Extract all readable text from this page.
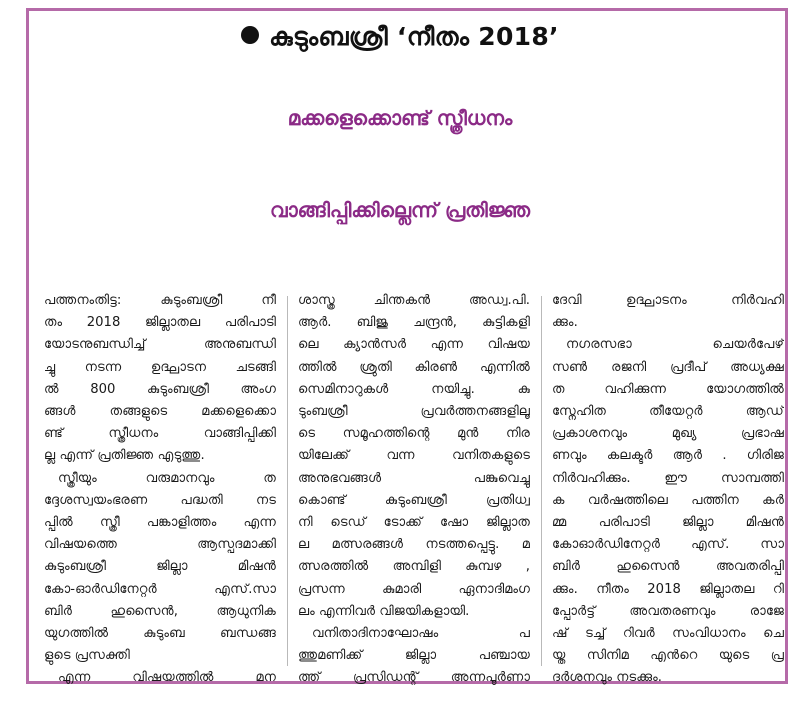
കുടുംബശ്രീ ‘നീതം 2018’
മക്കളെക്കൊണ്ട് സ്ത്രീധനം
വാങ്ങിപ്പിക്കില്ലെന്ന് പ്രതിജ്ഞ
പത്തനംതിട്ട: കുടുംബശ്രീ നീ
തം 2018 ജില്ലാതല പരിപാടി
യോടനുബന്ധിച്ച് അനുബന്ധി
ച്ചു നടന്ന ഉദ്ഘാടന ചടങ്ങി
ൽ 800 കുടുംബശ്രീ അംഗ
ങ്ങൾ തങ്ങളുടെ മക്കളെക്കൊ
ണ്ട് സ്ത്രീധനം വാങ്ങിപ്പിക്കി
ല്ല എന്ന് പ്രതിജ്ഞ എടുത്തു.
സ്ത്രീയും വരുമാനവും ത
ദ്ദേശസ്വയംഭരണ പദ്ധതി നട
പ്പിൽ സ്ത്രീ പങ്കാളിത്തം എന്ന
വിഷയത്തെ ആസ്പദമാക്കി
കുടുംബശ്രീ ജില്ലാ മിഷൻ
കോ-ഓർഡിനേറ്റർ എസ്.സാ
ബിർ ഹുസൈൻ, ആധുനിക
യുഗത്തിൽ കുടുംബ ബന്ധങ്ങ
ളുടെ പ്രസക്തി
എന്ന വിഷയത്തിൽ മന
ശാസ്ത്ര ചിന്തകൻ അഡ്വ.പി.
ആർ. ബിജു ചന്ദ്രൻ, കുട്ടികളി
ലെ ക്യാൻസർ എന്ന വിഷയ
ത്തിൽ ശ്രുതി കിരൺ എന്നിൽ
സെമിനാറുകൾ നയിച്ചു. കു
ടുംബശ്രീ പ്രവർത്തനങ്ങളിലൂ
ടെ സമൂഹത്തിന്റെ മുൻ നിര
യിലേക്ക് വന്ന വനിതകളുടെ
അനുഭവങ്ങൾ പങ്കുവെച്ചു
കൊണ്ട് കുടുംബശ്രീ പ്രതിധ്വ
നി ടെഡ് ടോക്ക് ഷോ ജില്ലാത
ല മത്സരങ്ങൾ നടത്തപ്പെട്ടു. മ
ത്സരത്തിൽ അമ്പിളി കുമ്പഴ ,
പ്രസന്ന കുമാരി ഏനാദിമംഗ
ലം എന്നിവർ വിജയികളായി.
വനിതാദിനാഘോഷം പ
ത്തുമണിക്ക് ജില്ലാ പഞ്ചായ
ത്ത് പ്രസിഡന്റ് അന്നപൂർണാ
ദേവി ഉദ്ഘാടനം നിർവഹി
ക്കും.
നഗരസഭാ ചെയർപേഴ്
സൺ രജനി പ്രദീപ് അധ്യക്ഷ
ത വഹിക്കുന്ന യോഗത്തിൽ
സ്നേഹിത തീയേറ്റർ ആഡ്
പ്രകാശനവും മുഖ്യ പ്രഭാഷ
ണവും കലക്ടർ ആർ . ഗിരിജ
നിർവഹിക്കും. ഈ സാമ്പത്തി
ക വർഷത്തിലെ പത്തിന കർ
മ്മ പരിപാടി ജില്ലാ മിഷൻ
കോഓർഡിനേറ്റർ എസ്. സാ
ബിർ ഹുസൈൻ അവതരിപ്പി
ക്കും. നീതം 2018 ജില്ലാതല റി
പ്പോർട്ട് അവതരണവും രാജേ
ഷ് ടച്ച് റിവർ സംവിധാനം ചെ
യ്ത സിനിമ എൻറെ യുടെ പ്ര
ദർശനവും നടക്കും.
